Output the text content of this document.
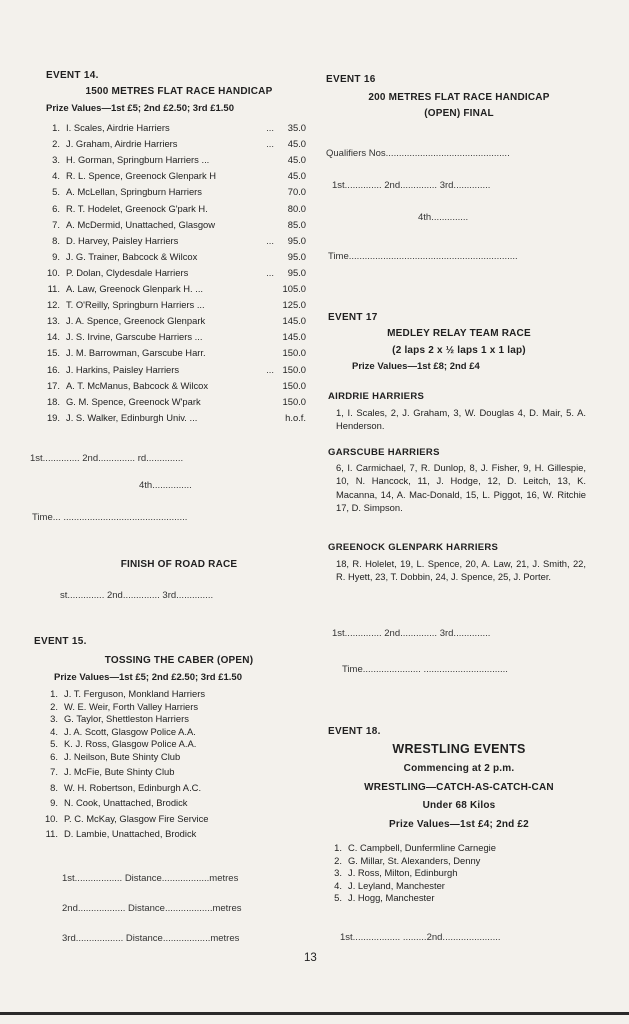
EVENT 14.
1500 METRES FLAT RACE HANDICAP
Prize Values—1st £5; 2nd £2.50; 3rd £1.50
1. I. Scales, Airdrie Harriers	...	35.0
2. J. Graham, Airdrie Harriers	...	45.0
3. H. Gorman, Springburn Harriers ...	45.0
4. R. L. Spence, Greenock Glenpark H	45.0
5. A. McLellan, Springburn Harriers	70.0
6. R. T. Hodelet, Greenock G'park H.	80.0
7. A. McDermid, Unattached, Glasgow	85.0
8. D. Harvey, Paisley Harriers	...	95.0
9. J. G. Trainer, Babcock & Wilcox	95.0
10. P. Dolan, Clydesdale Harriers	...	95.0
11. A. Law, Greenock Glenpark H. ...	105.0
12. T. O'Reilly, Springburn Harriers ...	125.0
13. J. A. Spence, Greenock Glenpark	145.0
14. J. S. Irvine, Garscube Harriers ...	145.0
15. J. M. Barrowman, Garscube Harr.	150.0
16. J. Harkins, Paisley Harriers	... 150.0
17. A. T. McManus, Babcock & Wilcox	150.0
18. G. M. Spence, Greenock W'park	150.0
19. J. S. Walker, Edinburgh Univ. ...	h.o.f.
1st.............. 2nd.............. rd..............
4th...............
Time... ...............................................
FINISH OF ROAD RACE
st.............. 2nd.............. 3rd..............
EVENT 15.
TOSSING THE CABER (OPEN)
Prize Values—1st £5; 2nd £2.50; 3rd £1.50
1. J. T. Ferguson, Monkland Harriers
2. W. E. Weir, Forth Valley Harriers
3. G. Taylor, Shettleston Harriers
4. J. A. Scott, Glasgow Police A.A.
5. K. J. Ross, Glasgow Police A.A.
6. J. Neilson, Bute Shinty Club
7. J. McFie, Bute Shinty Club
8. W. H. Robertson, Edinburgh A.C.
9. N. Cook, Unattached, Brodick
10. P. C. McKay, Glasgow Fire Service
11. D. Lambie, Unattached, Brodick
1st.................. Distance..................metres
2nd.................. Distance..................metres
3rd.................. Distance..................metres
EVENT 16
200 METRES FLAT RACE HANDICAP
(OPEN) FINAL
Qualifiers Nos...............................................
1st.............. 2nd.............. 3rd..............
4th..............
Time................................................................
EVENT 17
MEDLEY RELAY TEAM RACE
(2 laps 2 x ½ laps 1 x 1 lap)
Prize Values—1st £8; 2nd £4
AIRDRIE HARRIERS
1, I. Scales, 2, J. Graham, 3, W. Douglas 4, D. Mair, 5. A. Henderson.
GARSCUBE HARRIERS
6, I. Carmichael, 7, R. Dunlop, 8, J. Fisher, 9, H. Gillespie, 10, N. Hancock, 11, J. Hodge, 12, D. Leitch, 13, K. Macanna, 14, A. Mac-Donald, 15, L. Piggot, 16, W. Ritchie 17, D. Simpson.
GREENOCK GLENPARK HARRIERS
18, R. Holelet, 19, L. Spence, 20, A. Law, 21, J. Smith, 22, R. Hyett, 23, T. Dobbin, 24, J. Spence, 25, J. Porter.
1st.............. 2nd.............. 3rd..............
Time...................... ................................
EVENT 18.
WRESTLING EVENTS
Commencing at 2 p.m.
WRESTLING—CATCH-AS-CATCH-CAN
Under 68 Kilos
Prize Values—1st £4; 2nd £2
1. C. Campbell, Dunfermline Carnegie
2. G. Millar, St. Alexanders, Denny
3. J. Ross, Milton, Edinburgh
4. J. Leyland, Manchester
5. J. Hogg, Manchester
1st.................. .........2nd......................
13
